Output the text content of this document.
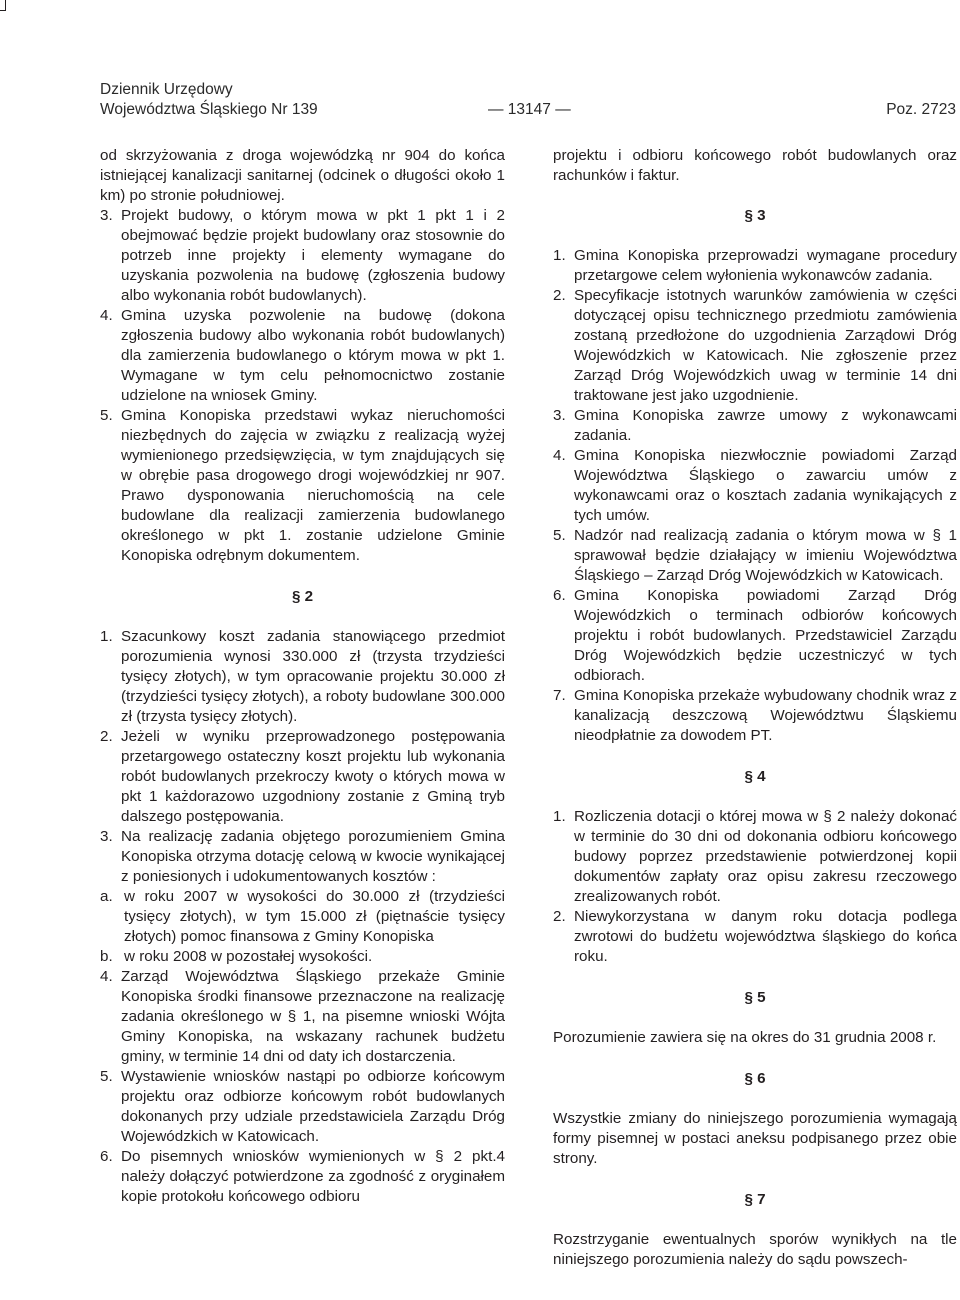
Dziennik Urzędowy
Województwa Śląskiego Nr 139	— 13147 —	Poz. 2723

od skrzyżowania z droga wojewódzką nr 904 do końca istniejącej kanalizacji sanitarnej (odcinek o długości około 1 km) po stronie południowej.

3. Projekt budowy, o którym mowa w pkt 1 pkt 1 i 2 obejmować będzie projekt budowlany oraz stosownie do potrzeb inne projekty i elementy wymagane do uzyskania pozwolenia na budowę (zgłoszenia budowy albo wykonania robót budowlanych).
4. Gmina uzyska pozwolenie na budowę (dokona zgłoszenia budowy albo wykonania robót budowlanych) dla zamierzenia budowlanego o którym mowa w pkt 1. Wymagane w tym celu pełnomocnictwo zostanie udzielone na wniosek Gminy.
5. Gmina Konopiska przedstawi wykaz nieruchomości niezbędnych do zajęcia w związku z realizacją wyżej wymienionego przedsięwzięcia, w tym znajdujących się w obrębie pasa drogowego drogi wojewódzkiej nr 907. Prawo dysponowania nieruchomością na cele budowlane dla realizacji zamierzenia budowlanego określonego w pkt 1. zostanie udzielone Gminie Konopiska odrębnym dokumentem.
§ 2
1. Szacunkowy koszt zadania stanowiącego przedmiot porozumienia wynosi 330.000 zł (trzysta trzydzieści tysięcy złotych), w tym opracowanie projektu 30.000 zł (trzydzieści tysięcy złotych), a roboty budowlane 300.000 zł (trzysta tysięcy złotych).
2. Jeżeli w wyniku przeprowadzonego postępowania przetargowego ostateczny koszt projektu lub wykonania robót budowlanych przekroczy kwoty o których mowa w pkt 1 każdorazowo uzgodniony zostanie z Gminą tryb dalszego postępowania.
3. Na realizację zadania objętego porozumieniem Gmina Konopiska otrzyma dotację celową w kwocie wynikającej z poniesionych i udokumentowanych kosztów :
a. w roku 2007 w wysokości do 30.000 zł (trzydzieści tysięcy złotych), w tym 15.000 zł (piętnaście tysięcy złotych) pomoc finansowa z Gminy Konopiska
b. w roku 2008 w pozostałej wysokości.
4. Zarząd Województwa Śląskiego przekaże Gminie Konopiska środki finansowe przeznaczone na realizację zadania określonego w § 1, na pisemne wnioski Wójta Gminy Konopiska, na wskazany rachunek budżetu gminy, w terminie 14 dni od daty ich dostarczenia.
5. Wystawienie wniosków nastąpi po odbiorze końcowym projektu oraz odbiorze końcowym robót budowlanych dokonanych przy udziale przedstawiciela Zarządu Dróg Wojewódzkich w Katowicach.
6. Do pisemnych wniosków wymienionych w § 2 pkt.4 należy dołączyć potwierdzone za zgodność z oryginałem kopie protokołu końcowego odbioru

projektu i odbioru końcowego robót budowlanych oraz rachunków i faktur.

§ 3
1. Gmina Konopiska przeprowadzi wymagane procedury przetargowe celem wyłonienia wykonawców zadania.
2. Specyfikacje istotnych warunków zamówienia w części dotyczącej opisu technicznego przedmiotu zamówienia zostaną przedłożone do uzgodnienia Zarządowi Dróg Wojewódzkich w Katowicach. Nie zgłoszenie przez Zarząd Dróg Wojewódzkich uwag w terminie 14 dni traktowane jest jako uzgodnienie.
3. Gmina Konopiska zawrze umowy z wykonawcami zadania.
4. Gmina Konopiska niezwłocznie powiadomi Zarząd Województwa Śląskiego o zawarciu umów z wykonawcami oraz o kosztach zadania wynikających z tych umów.
5. Nadzór nad realizacją zadania o którym mowa w § 1 sprawował będzie działający w imieniu Województwa Śląskiego – Zarząd Dróg Wojewódzkich w Katowicach.
6. Gmina Konopiska powiadomi Zarząd Dróg Wojewódzkich o terminach odbiorów końcowych projektu i robót budowlanych. Przedstawiciel Zarządu Dróg Wojewódzkich będzie uczestniczyć w tych odbiorach.
7. Gmina Konopiska przekaże wybudowany chodnik wraz z kanalizacją deszczową Województwu Śląskiemu nieodpłatnie za dowodem PT.
§ 4
1. Rozliczenia dotacji o której mowa w § 2 należy dokonać w terminie do 30 dni od dokonania odbioru końcowego budowy poprzez przedstawienie potwierdzonej kopii dokumentów zapłaty oraz opisu zakresu rzeczowego zrealizowanych robót.
2. Niewykorzystana w danym roku dotacja podlega zwrotowi do budżetu województwa śląskiego do końca roku.
§ 5

Porozumienie zawiera się na okres do 31 grudnia 2008 r.

§ 6

Wszystkie zmiany do niniejszego porozumienia wymagają formy pisemnej w postaci aneksu podpisanego przez obie strony.

§ 7

Rozstrzyganie ewentualnych sporów wynikłych na tle niniejszego porozumienia należy do sądu powszech-
